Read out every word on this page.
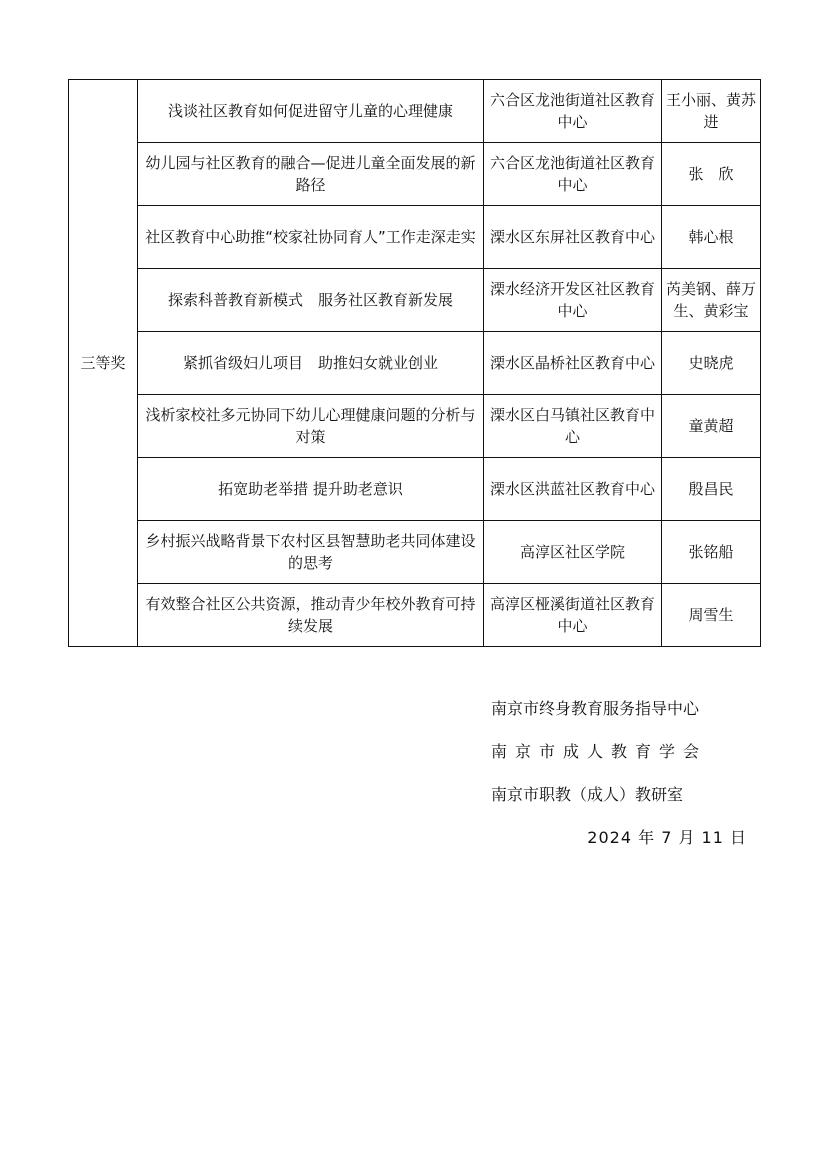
三等奖	浅谈社区教育如何促进留守儿童的心理健康	六合区龙池街道社区教育中心	王小丽、黄苏进
	幼儿园与社区教育的融合—促进儿童全面发展的新路径	六合区龙池街道社区教育中心	张　欣
	社区教育中心助推“校家社协同育人”工作走深走实	溧水区东屏社区教育中心	韩心根
	探索科普教育新模式　服务社区教育新发展	溧水经济开发区社区教育中心	芮美钢、薛万生、黄彩宝
	紧抓省级妇儿项目　助推妇女就业创业	溧水区晶桥社区教育中心	史晓虎
	浅析家校社多元协同下幼儿心理健康问题的分析与对策	溧水区白马镇社区教育中心	童黄超
	拓宽助老举措 提升助老意识	溧水区洪蓝社区教育中心	殷昌民
	乡村振兴战略背景下农村区县智慧助老共同体建设的思考	高淳区社区学院	张铭船
	有效整合社区公共资源，推动青少年校外教育可持续发展	高淳区桠溪街道社区教育中心	周雪生
南京市终身教育服务指导中心
南京市成人教育学会
南京市职教（成人）教研室
2024 年 7 月 11 日
